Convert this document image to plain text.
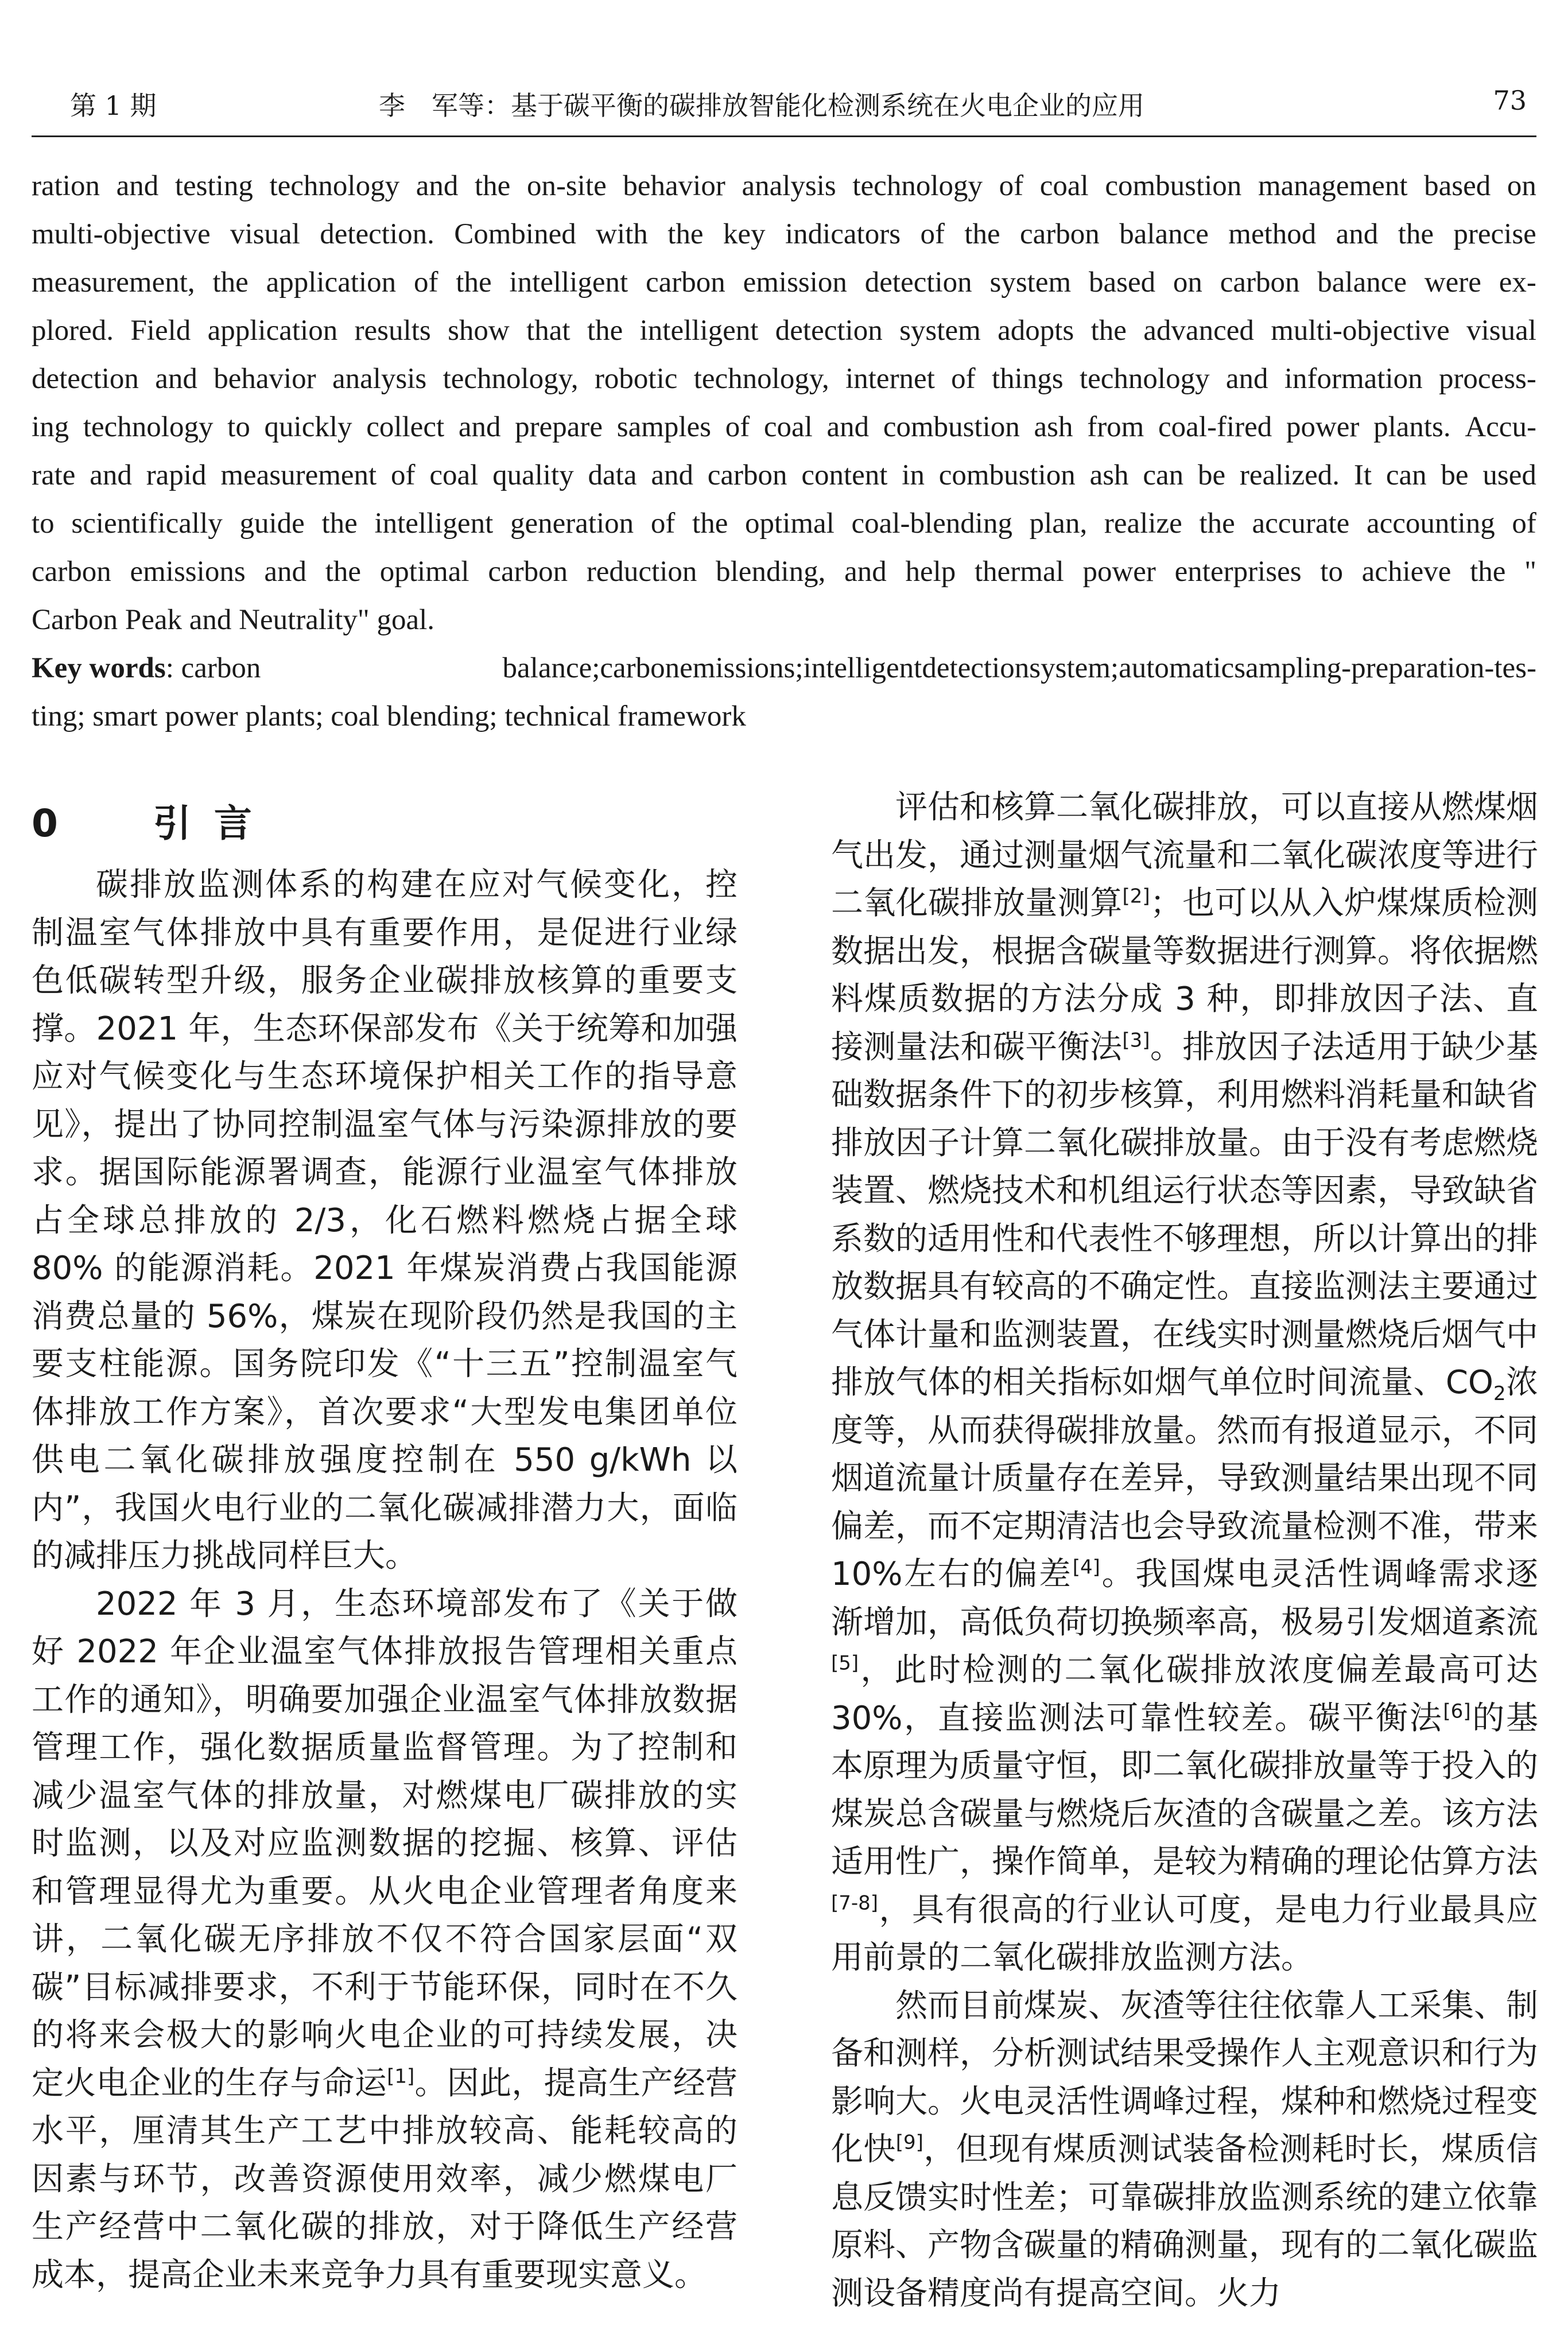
第 1 期	李　军等：基于碳平衡的碳排放智能化检测系统在火电企业的应用	73
ration and testing technology and the on-site behavior analysis technology of coal combustion management based on
multi-objective visual detection. Combined with the key indicators of the carbon balance method and the precise
measurement, the application of the intelligent carbon emission detection system based on carbon balance were ex-
plored. Field application results show that the intelligent detection system adopts the advanced multi-objective visual
detection and behavior analysis technology, robotic technology, internet of things technology and information process-
ing technology to quickly collect and prepare samples of coal and combustion ash from coal-fired power plants. Accu-
rate and rapid measurement of coal quality data and carbon content in combustion ash can be realized. It can be used
to scientifically guide the intelligent generation of the optimal coal-blending plan, realize the accurate accounting of
carbon emissions and the optimal carbon reduction blending, and help thermal power enterprises to achieve the "
Carbon Peak and Neutrality" goal.
Key words : carbon	balance; carbon emissions; intelligent detection system; automatic sampling-preparation-tes-
ting; smart power plants; coal blending; technical framework
0 引言

碳排放监测体系的构建在应对气候变化，控制温室气体排放中具有重要作用，是促进行业绿色低碳转型升级，服务企业碳排放核算的重要支撑。2021 年，生态环保部发布《关于统筹和加强应对气候变化与生态环境保护相关工作的指导意见》，提出了协同控制温室气体与污染源排放的要求。据国际能源署调查，能源行业温室气体排放占全球总排放的 2/3，化石燃料燃烧占据全球 80% 的能源消耗。2021 年煤炭消费占我国能源消费总量的 56%，煤炭在现阶段仍然是我国的主要支柱能源。国务院印发《“十三五”控制温室气体排放工作方案》，首次要求“大型发电集团单位供电二氧化碳排放强度控制在 550 g/kWh 以内”，我国火电行业的二氧化碳减排潜力大，面临的减排压力挑战同样巨大。

2022 年 3 月，生态环境部发布了《关于做好 2022 年企业温室气体排放报告管理相关重点工作的通知》，明确要加强企业温室气体排放数据管理工作，强化数据质量监督管理。为了控制和减少温室气体的排放量，对燃煤电厂碳排放的实时监测，以及对应监测数据的挖掘、核算、评估和管理显得尤为重要。从火电企业管理者角度来讲，二氧化碳无序排放不仅不符合国家层面“双碳”目标减排要求，不利于节能环保，同时在不久的将来会极大的影响火电企业的可持续发展，决定火电企业的生存与命运[1]。因此，提高生产经营水平，厘清其生产工艺中排放较高、能耗较高的因素与环节，改善资源使用效率，减少燃煤电厂生产经营中二氧化碳的排放，对于降低生产经营成本，提高企业未来竞争力具有重要现实意义。

评估和核算二氧化碳排放，可以直接从燃煤烟气出发，通过测量烟气流量和二氧化碳浓度等进行二氧化碳排放量测算[2]；也可以从入炉煤煤质检测数据出发，根据含碳量等数据进行测算。将依据燃料煤质数据的方法分成 3 种，即排放因子法、直接测量法和碳平衡法[3]。排放因子法适用于缺少基础数据条件下的初步核算，利用燃料消耗量和缺省排放因子计算二氧化碳排放量。由于没有考虑燃烧装置、燃烧技术和机组运行状态等因素，导致缺省系数的适用性和代表性不够理想，所以计算出的排放数据具有较高的不确定性。直接监测法主要通过气体计量和监测装置，在线实时测量燃烧后烟气中排放气体的相关指标如烟气单位时间流量、$CO_2$浓度等，从而获得碳排放量。然而有报道显示，不同烟道流量计质量存在差异，导致测量结果出现不同偏差，而不定期清洁也会导致流量检测不准，带来 10%左右的偏差[4]。我国煤电灵活性调峰需求逐渐增加，高低负荷切换频率高，极易引发烟道紊流[5]，此时检测的二氧化碳排放浓度偏差最高可达 30%，直接监测法可靠性较差。碳平衡法[6]的基本原理为质量守恒，即二氧化碳排放量等于投入的煤炭总含碳量与燃烧后灰渣的含碳量之差。该方法适用性广，操作简单，是较为精确的理论估算方法[7-8]，具有很高的行业认可度，是电力行业最具应用前景的二氧化碳排放监测方法。

然而目前煤炭、灰渣等往往依靠人工采集、制备和测样，分析测试结果受操作人主观意识和行为影响大。火电灵活性调峰过程，煤种和燃烧过程变化快[9]，但现有煤质测试装备检测耗时长，煤质信息反馈实时性差；可靠碳排放监测系统的建立依靠原料、产物含碳量的精确测量，现有的二氧化碳监测设备精度尚有提高空间。火力
